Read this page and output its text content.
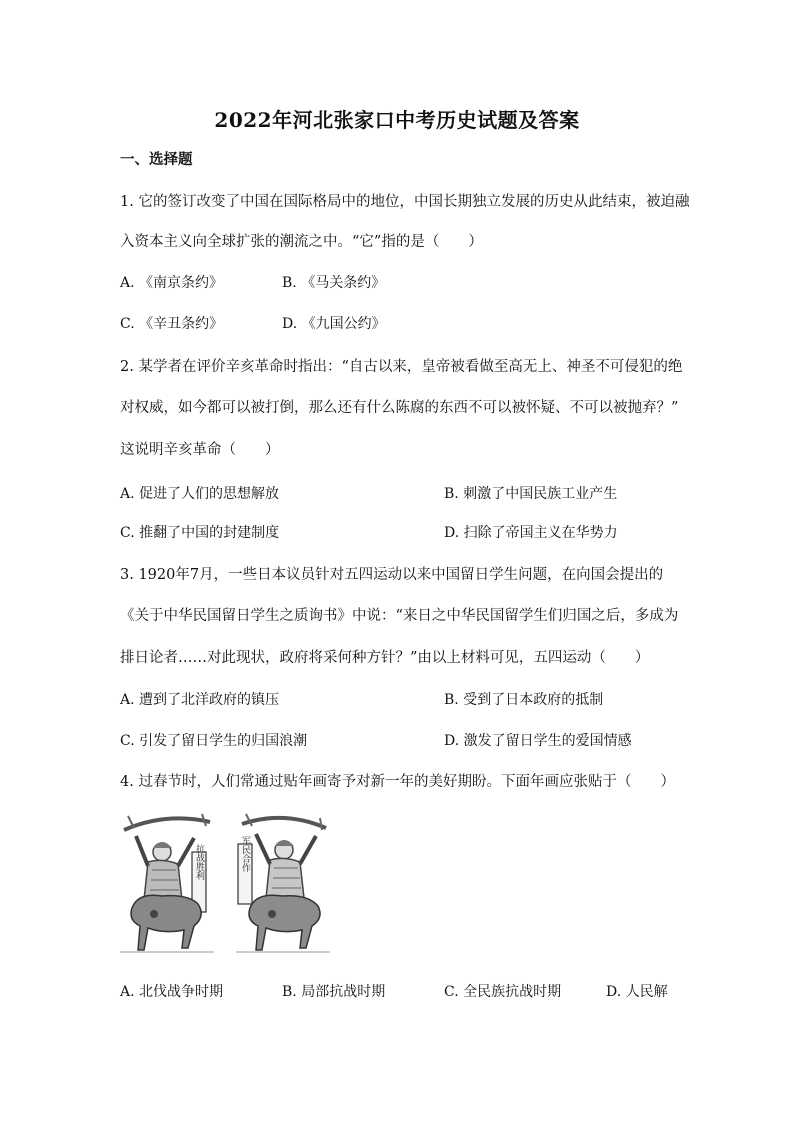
2022年河北张家口中考历史试题及答案
一、选择题
1. 它的签订改变了中国在国际格局中的地位，中国长期独立发展的历史从此结束，被迫融
入资本主义向全球扩张的潮流之中。“它”指的是（　　）
A. 《南京条约》	B. 《马关条约》
C. 《辛丑条约》	D. 《九国公约》
2. 某学者在评价辛亥革命时指出：“自古以来，皇帝被看做至高无上、神圣不可侵犯的绝
对权威，如今都可以被打倒，那么还有什么陈腐的东西不可以被怀疑、不可以被抛弃？”
这说明辛亥革命（　　）
A. 促进了人们的思想解放	B. 刺激了中国民族工业产生
C. 推翻了中国的封建制度	D. 扫除了帝国主义在华势力
3. 1920年7月，一些日本议员针对五四运动以来中国留日学生问题，在向国会提出的
《关于中华民国留日学生之质询书》中说：“来日之中华民国留学生们归国之后，多成为
排日论者……对此现状，政府将采何种方针？”由以上材料可见，五四运动（　　）
A. 遭到了北洋政府的镇压	B. 受到了日本政府的抵制
C. 引发了留日学生的归国浪潮	D. 激发了留日学生的爱国情感
4. 过春节时，人们常通过贴年画寄予对新一年的美好期盼。下面年画应张贴于（　　）
抗战胜利	军民合作
A. 北伐战争时期	B. 局部抗战时期	C. 全民族抗战时期	D. 人民解
